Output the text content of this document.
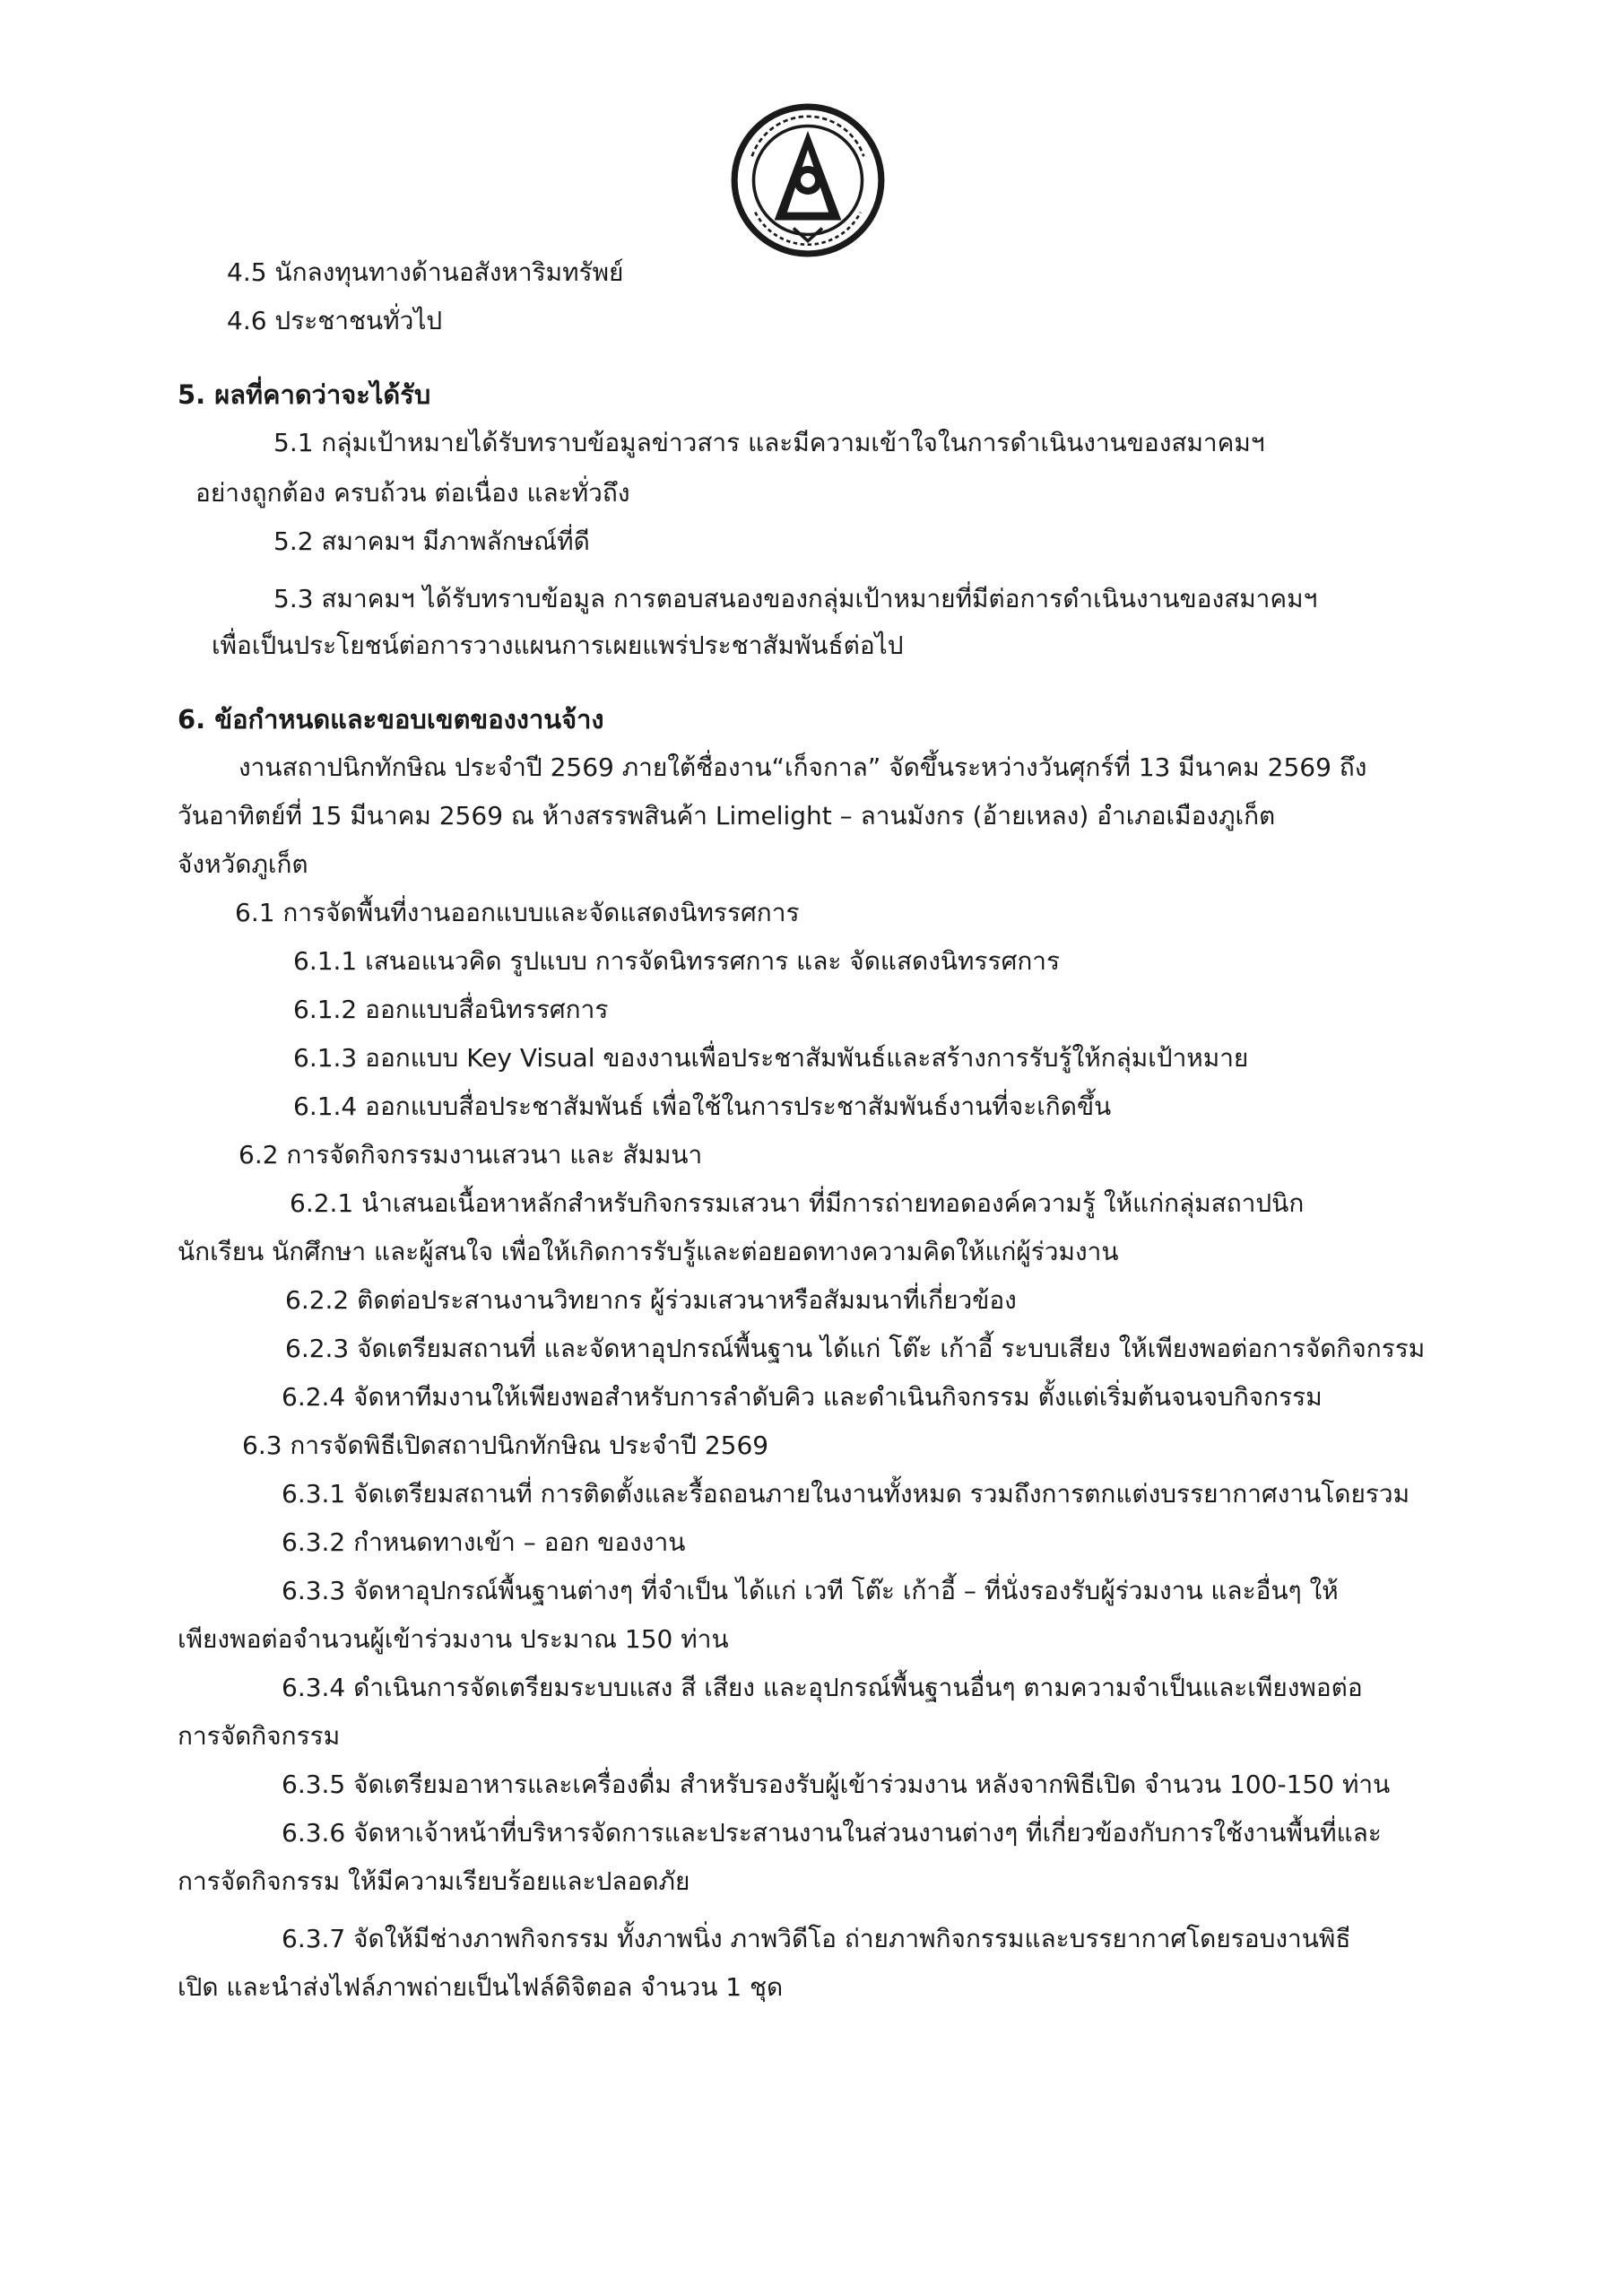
4.5 นักลงทุนทางด้านอสังหาริมทรัพย์

4.6 ประชาชนทั่วไป

5. ผลที่คาดว่าจะได้รับ

5.1 กลุ่มเป้าหมายได้รับทราบข้อมูลข่าวสาร และมีความเข้าใจในการดำเนินงานของสมาคมฯ

อย่างถูกต้อง ครบถ้วน ต่อเนื่อง และทั่วถึง

5.2 สมาคมฯ มีภาพลักษณ์ที่ดี

5.3 สมาคมฯ ได้รับทราบข้อมูล การตอบสนองของกลุ่มเป้าหมายที่มีต่อการดำเนินงานของสมาคมฯ

เพื่อเป็นประโยชน์ต่อการวางแผนการเผยแพร่ประชาสัมพันธ์ต่อไป

6. ข้อกำหนดและขอบเขตของงานจ้าง

งานสถาปนิกทักษิณ ประจำปี 2569 ภายใต้ชื่องาน“เก็จกาล” จัดขึ้นระหว่างวันศุกร์ที่ 13 มีนาคม 2569 ถึง

วันอาทิตย์ที่ 15 มีนาคม 2569 ณ ห้างสรรพสินค้า Limelight – ลานมังกร (อ้ายเหลง) อำเภอเมืองภูเก็ต

จังหวัดภูเก็ต

6.1 การจัดพื้นที่งานออกแบบและจัดแสดงนิทรรศการ

6.1.1 เสนอแนวคิด รูปแบบ การจัดนิทรรศการ และ จัดแสดงนิทรรศการ

6.1.2 ออกแบบสื่อนิทรรศการ

6.1.3 ออกแบบ Key Visual ของงานเพื่อประชาสัมพันธ์และสร้างการรับรู้ให้กลุ่มเป้าหมาย

6.1.4 ออกแบบสื่อประชาสัมพันธ์ เพื่อใช้ในการประชาสัมพันธ์งานที่จะเกิดขึ้น

6.2 การจัดกิจกรรมงานเสวนา และ สัมมนา

6.2.1 นำเสนอเนื้อหาหลักสำหรับกิจกรรมเสวนา ที่มีการถ่ายทอดองค์ความรู้ ให้แก่กลุ่มสถาปนิก

นักเรียน นักศึกษา และผู้สนใจ เพื่อให้เกิดการรับรู้และต่อยอดทางความคิดให้แก่ผู้ร่วมงาน

6.2.2 ติดต่อประสานงานวิทยากร ผู้ร่วมเสวนาหรือสัมมนาที่เกี่ยวข้อง

6.2.3 จัดเตรียมสถานที่ และจัดหาอุปกรณ์พื้นฐาน ได้แก่ โต๊ะ เก้าอี้ ระบบเสียง ให้เพียงพอต่อการจัดกิจกรรม

6.2.4 จัดหาทีมงานให้เพียงพอสำหรับการลำดับคิว และดำเนินกิจกรรม ตั้งแต่เริ่มต้นจนจบกิจกรรม

6.3 การจัดพิธีเปิดสถาปนิกทักษิณ ประจำปี 2569

6.3.1 จัดเตรียมสถานที่ การติดตั้งและรื้อถอนภายในงานทั้งหมด รวมถึงการตกแต่งบรรยากาศงานโดยรวม

6.3.2 กำหนดทางเข้า – ออก ของงาน

6.3.3 จัดหาอุปกรณ์พื้นฐานต่างๆ ที่จำเป็น ได้แก่ เวที โต๊ะ เก้าอี้ – ที่นั่งรองรับผู้ร่วมงาน และอื่นๆ ให้

เพียงพอต่อจำนวนผู้เข้าร่วมงาน ประมาณ 150 ท่าน

6.3.4 ดำเนินการจัดเตรียมระบบแสง สี เสียง และอุปกรณ์พื้นฐานอื่นๆ ตามความจำเป็นและเพียงพอต่อ

การจัดกิจกรรม

6.3.5 จัดเตรียมอาหารและเครื่องดื่ม สำหรับรองรับผู้เข้าร่วมงาน หลังจากพิธีเปิด จำนวน 100-150 ท่าน

6.3.6 จัดหาเจ้าหน้าที่บริหารจัดการและประสานงานในส่วนงานต่างๆ ที่เกี่ยวข้องกับการใช้งานพื้นที่และ

การจัดกิจกรรม ให้มีความเรียบร้อยและปลอดภัย

6.3.7 จัดให้มีช่างภาพกิจกรรม ทั้งภาพนิ่ง ภาพวิดีโอ ถ่ายภาพกิจกรรมและบรรยากาศโดยรอบงานพิธี

เปิด และนำส่งไฟล์ภาพถ่ายเป็นไฟล์ดิจิตอล จำนวน 1 ชุด
